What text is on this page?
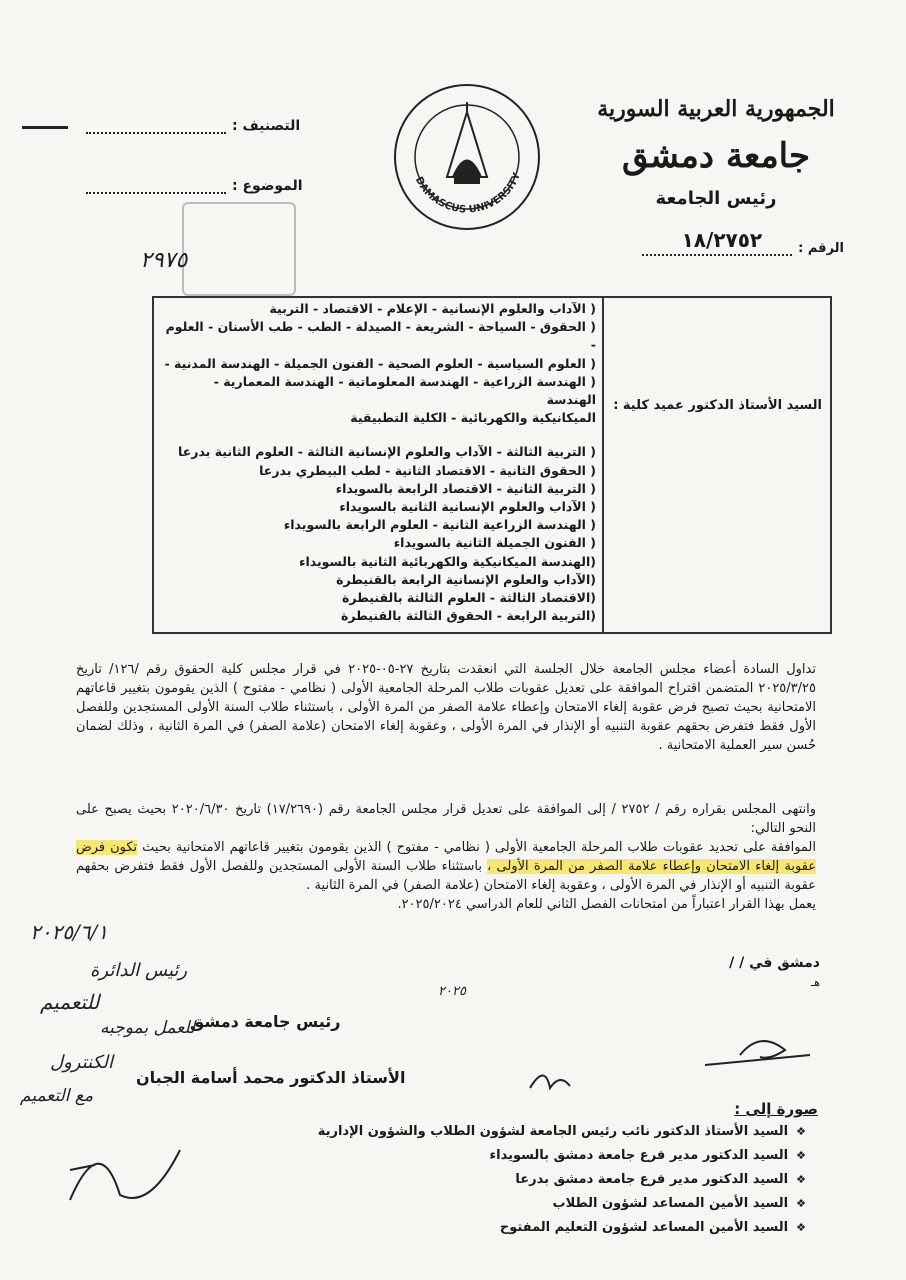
الجمهورية العربية السورية
جامعة دمشق
رئيس الجامعة
الرقم :
١٨/٢٧٥٢
DAMASCUS UNIVERSITY
التصنيف :
الموضوع :
٢٩٧٥
السيد الأستاذ الدكتور عميد كلية :
( الآداب والعلوم الإنسانية - الإعلام - الاقتصاد - التربية
( الحقوق - السياحة - الشريعة - الصيدلة - الطب - طب الأسنان - العلوم -
( العلوم السياسية - العلوم الصحية - الفنون الجميلة - الهندسة المدنية -
( الهندسة الزراعية - الهندسة المعلوماتية - الهندسة المعمارية - الهندسة
الميكانيكية والكهربائية - الكلية التطبيقية
( التربية الثالثة - الآداب والعلوم الإنسانية الثالثة - العلوم الثانية بدرعا
( الحقوق الثانية - الاقتصاد الثانية - لطب البيطري بدرعا
( التربية الثانية - الاقتصاد الرابعة بالسويداء
( الآداب والعلوم الإنسانية الثانية بالسويداء
( الهندسة الزراعية الثانية - العلوم الرابعة بالسويداء
( الفنون الجميلة الثانية بالسويداء
(الهندسة الميكانيكية والكهربائية الثانية بالسويداء
(الآداب والعلوم الإنسانية الرابعة بالقنيطرة
(الاقتصاد الثالثة - العلوم الثالثة بالقنيطرة
(التربية الرابعة - الحقوق الثالثة بالقنيطرة
تداول السادة أعضاء مجلس الجامعة خلال الجلسة التي انعقدت بتاريخ ٢٧-٠٥-٢٠٢٥ في قرار مجلس كلية الحقوق رقم /١٢٦/ تاريخ ٢٠٢٥/٣/٢٥ المتضمن اقتراح الموافقة على تعديل عقوبات طلاب المرحلة الجامعية الأولى ( نظامي - مفتوح ) الذين يقومون بتغيير قاعاتهم الامتحانية بحيث تصبح فرض عقوبة إلغاء الامتحان وإعطاء علامة الصفر من المرة الأولى ، باستثناء طلاب السنة الأولى المستجدين وللفصل الأول فقط فتفرض بحقهم عقوبة التنبيه أو الإنذار في المرة الأولى ، وعقوبة إلغاء الامتحان (علامة الصفر) في المرة الثانية ، وذلك لضمان حُسن سير العملية الامتحانية .
وانتهى المجلس بقراره رقم / ٢٧٥٢ / إلى الموافقة على تعديل قرار مجلس الجامعة رقم (١٧/٢٦٩٠) تاريخ ٢٠٢٠/٦/٣٠ بحيث يصبح على النحو التالي:
الموافقة على تحديد عقوبات طلاب المرحلة الجامعية الأولى ( نظامي - مفتوح ) الذين يقومون بتغيير قاعاتهم الامتحانية بحيث تكون فرض عقوبة إلغاء الامتحان وإعطاء علامة الصفر من المرة الأولى ، باستثناء طلاب السنة الأولى المستجدين وللفصل الأول فقط فتفرض بحقهم عقوبة التنبيه أو الإنذار في المرة الأولى ، وعقوبة إلغاء الامتحان (علامة الصفر) في المرة الثانية .
يعمل بهذا القرار اعتباراً من امتحانات الفصل الثاني للعام الدراسي ٢٠٢٥/٢٠٢٤.
دمشق في / /
هـ
٢٠٢٥
رئيس جامعة دمشق
الأستاذ الدكتور محمد أسامة الجبان
٢٠٢٥/٦/١
رئيس الدائرة
للتعميم
للعمل بموجبه
الكنترول
مع التعميم
صورة إلى :
❖ السيد الأستاذ الدكتور نائب رئيس الجامعة لشؤون الطلاب والشؤون الإدارية
❖ السيد الدكتور مدير فرع جامعة دمشق بالسويداء
❖ السيد الدكتور مدير فرع جامعة دمشق بدرعا
❖ السيد الأمين المساعد لشؤون الطلاب
❖ السيد الأمين المساعد لشؤون التعليم المفتوح
